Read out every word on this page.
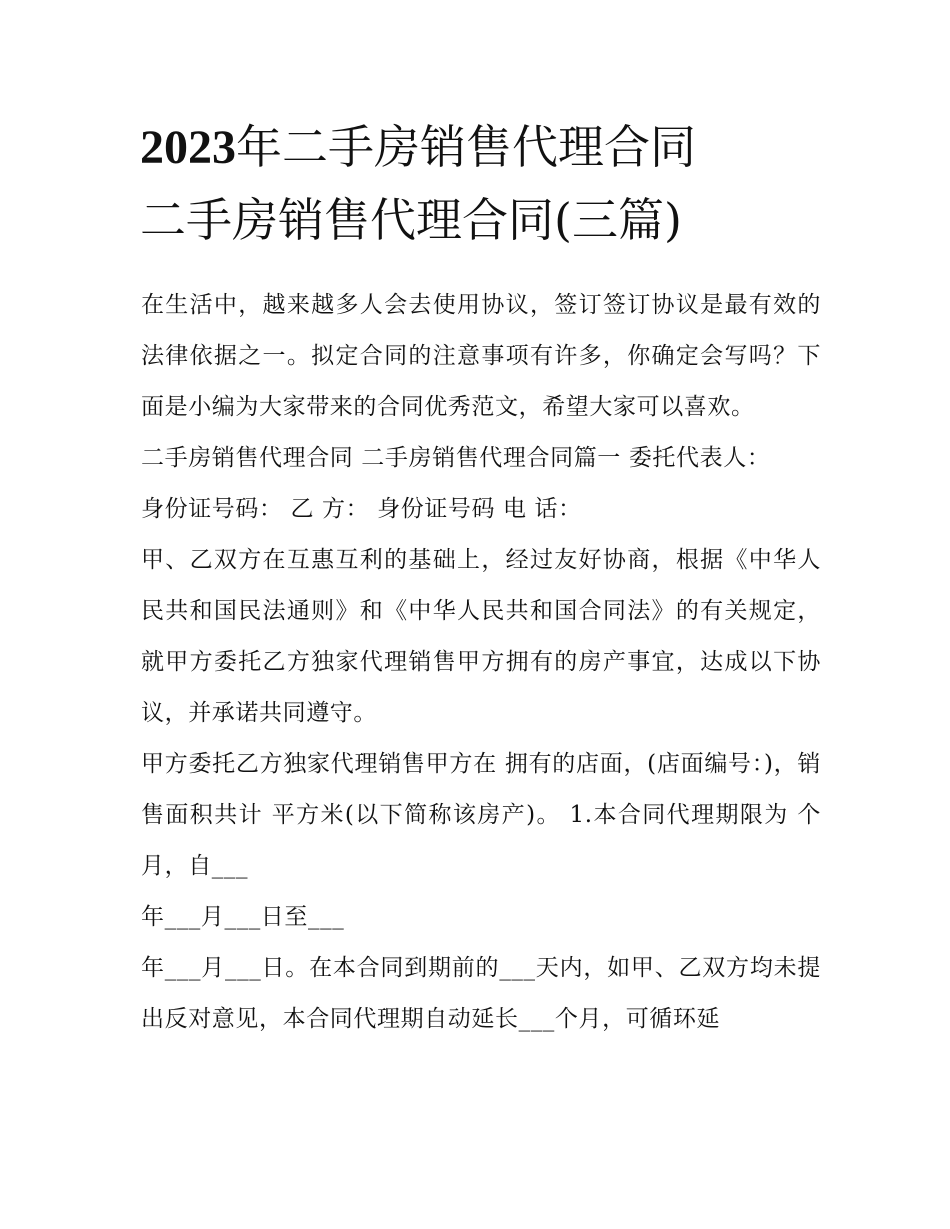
2023年二手房销售代理合同
二手房销售代理合同(三篇)

在生活中，越来越多人会去使用协议，签订签订协议是最有效的法律依据之一。拟定合同的注意事项有许多，你确定会写吗？下面是小编为大家带来的合同优秀范文，希望大家可以喜欢。

二手房销售代理合同 二手房销售代理合同篇一 委托代表人：

身份证号码： 乙 方： 身份证号码 电 话：

甲、乙双方在互惠互利的基础上，经过友好协商，根据《中华人民共和国民法通则》和《中华人民共和国合同法》的有关规定，就甲方委托乙方独家代理销售甲方拥有的房产事宜，达成以下协议，并承诺共同遵守。

甲方委托乙方独家代理销售甲方在 拥有的店面，(店面编号：)，销售面积共计 平方米(以下简称该房产)。 1.本合同代理期限为 个月，自___

年___月___日至___

年___月___日。在本合同到期前的___天内，如甲、乙双方均未提出反对意见，本合同代理期自动延长___个月，可循环延
